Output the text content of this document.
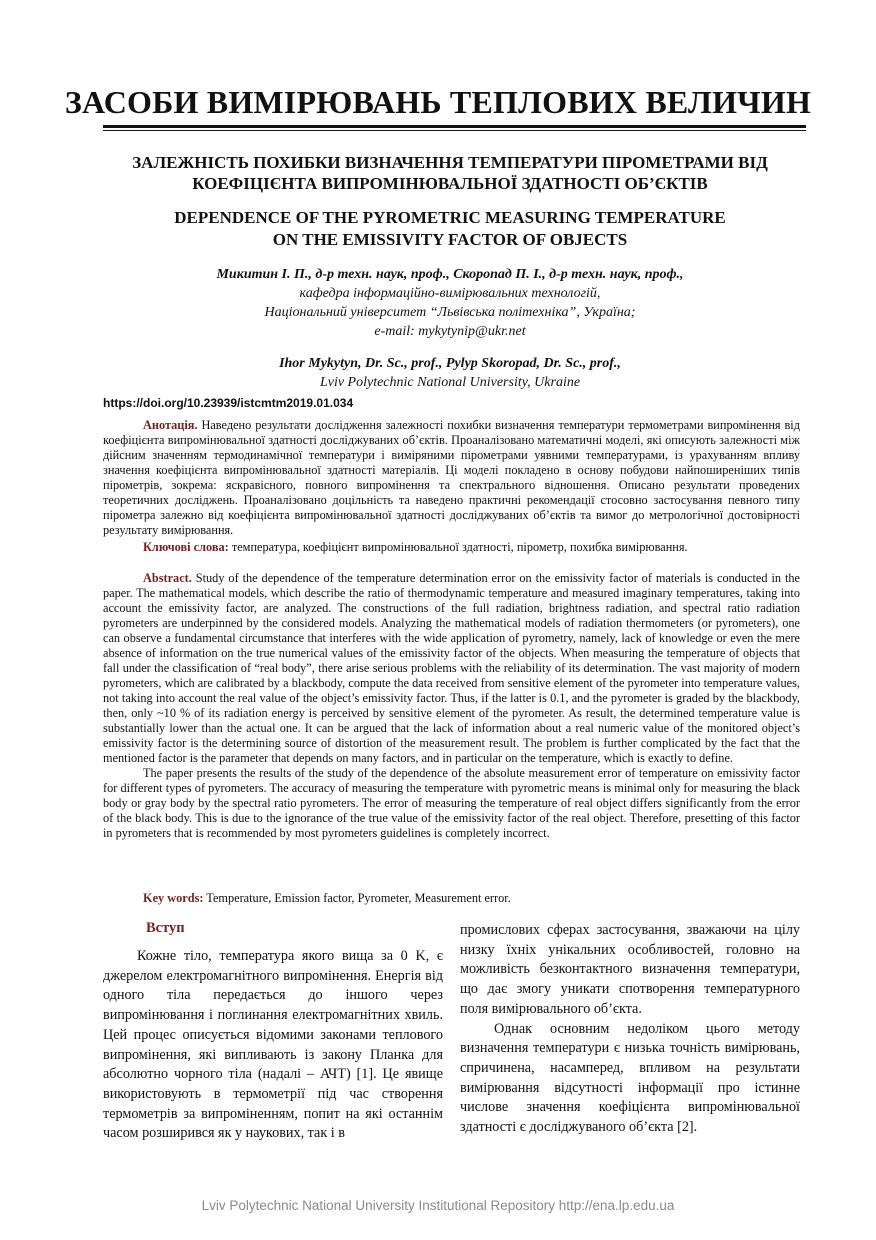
ЗАСОБИ ВИМІРЮВАНЬ ТЕПЛОВИХ ВЕЛИЧИН
ЗАЛЕЖНІСТЬ ПОХИБКИ ВИЗНАЧЕННЯ ТЕМПЕРАТУРИ ПІРОМЕТРАМИ ВІД
КОЕФІЦІЄНТА ВИПРОМІНЮВАЛЬНОЇ ЗДАТНОСТІ ОБ’ЄКТІВ
DEPENDENCE OF THE PYROMETRIC MEASURING TEMPERATURE
ON THE EMISSIVITY FACTOR OF OBJECTS
Микитин І. П., д-р техн. наук, проф., Скоропад П. І., д-р техн. наук, проф.,
кафедра інформаційно-вимірювальних технологій,
Національний університет “Львівська політехніка”, Україна;
e-mail: mykytynip@ukr.net
Ihor Mykytyn, Dr. Sc., prof., Pylyp Skoropad, Dr. Sc., prof.,
Lviv Polytechnic National University, Ukraine
https://doi.org/10.23939/istcmtm2019.01.034

Анотація. Наведено результати дослідження залежності похибки визначення температури термометрами випромінення від коефіцієнта випромінювальної здатності досліджуваних об’єктів. Проаналізовано математичні моделі, які описують залежності між дійсним значенням термодинамічної температури і виміряними пірометрами уявними температурами, із урахуванням впливу значення коефіцієнта випромінювальної здатності матеріалів. Ці моделі покладено в основу побудови найпоширеніших типів пірометрів, зокрема: яскравісного, повного випромінення та спектрального відношення. Описано результати проведених теоретичних досліджень. Проаналізовано доцільність та наведено практичні рекомендації стосовно застосування певного типу пірометра залежно від коефіцієнта випромінювальної здатності досліджуваних об’єктів та вимог до метрологічної достовірності результату вимірювання.

Ключові слова: температура, коефіцієнт випромінювальної здатності, пірометр, похибка вимірювання.

Abstract. Study of the dependence of the temperature determination error on the emissivity factor of materials is conducted in the paper. The mathematical models, which describe the ratio of thermodynamic temperature and measured imaginary temperatures, taking into account the emissivity factor, are analyzed. The constructions of the full radiation, brightness radiation, and spectral ratio radiation pyrometers are underpinned by the considered models. Analyzing the mathematical models of radiation thermometers (or pyrometers), one can observe a fundamental circumstance that interferes with the wide application of pyrometry, namely, lack of knowledge or even the mere absence of information on the true numerical values of the emissivity factor of the objects. When measuring the temperature of objects that fall under the classification of “real body”, there arise serious problems with the reliability of its determination. The vast majority of modern pyrometers, which are calibrated by a blackbody, compute the data received from sensitive element of the pyrometer into temperature values, not taking into account the real value of the object’s emissivity factor. Thus, if the latter is 0.1, and the pyrometer is graded by the blackbody, then, only ~10 % of its radiation energy is perceived by sensitive element of the pyrometer. As result, the determined temperature value is substantially lower than the actual one. It can be argued that the lack of information about a real numeric value of the monitored object’s emissivity factor is the determining source of distortion of the measurement result. The problem is further complicated by the fact that the mentioned factor is the parameter that depends on many factors, and in particular on the temperature, which is exactly to define.

The paper presents the results of the study of the dependence of the absolute measurement error of temperature on emissivity factor for different types of pyrometers. The accuracy of measuring the temperature with pyrometric means is minimal only for measuring the black body or gray body by the spectral ratio pyrometers. The error of measuring the temperature of real object differs significantly from the error of the black body. This is due to the ignorance of the true value of the emissivity factor of the real object. Therefore, presetting of this factor in pyrometers that is recommended by most pyrometers guidelines is completely incorrect.

Key words: Temperature, Emission factor, Pyrometer, Measurement error.

Вступ

Кожне тіло, температура якого вища за 0 K, є джерелом електромагнітного випромінення. Енергія від одного тіла передається до іншого через випромінювання і поглинання електромагнітних хвиль. Цей процес описується відомими законами теплового випромінення, які випливають із закону Планка для абсолютно чорного тіла (надалі – АЧТ) [1]. Це явище використовують в термометрії під час створення термометрів за випроміненням, попит на які останнім часом розширився як у наукових, так і в

промислових сферах застосування, зважаючи на цілу низку їхніх унікальних особливостей, головно на можливість безконтактного визначення температури, що дає змогу уникати спотворення температурного поля вимірювального об’єкта.

Однак основним недоліком цього методу визначення температури є низька точність вимірювань, спричинена, насамперед, впливом на результати вимірювання відсутності інформації про істинне числове значення коефіцієнта випромінювальної здатності є досліджуваного об’єкта [2].

Lviv Polytechnic National University Institutional Repository http://ena.lp.edu.ua
